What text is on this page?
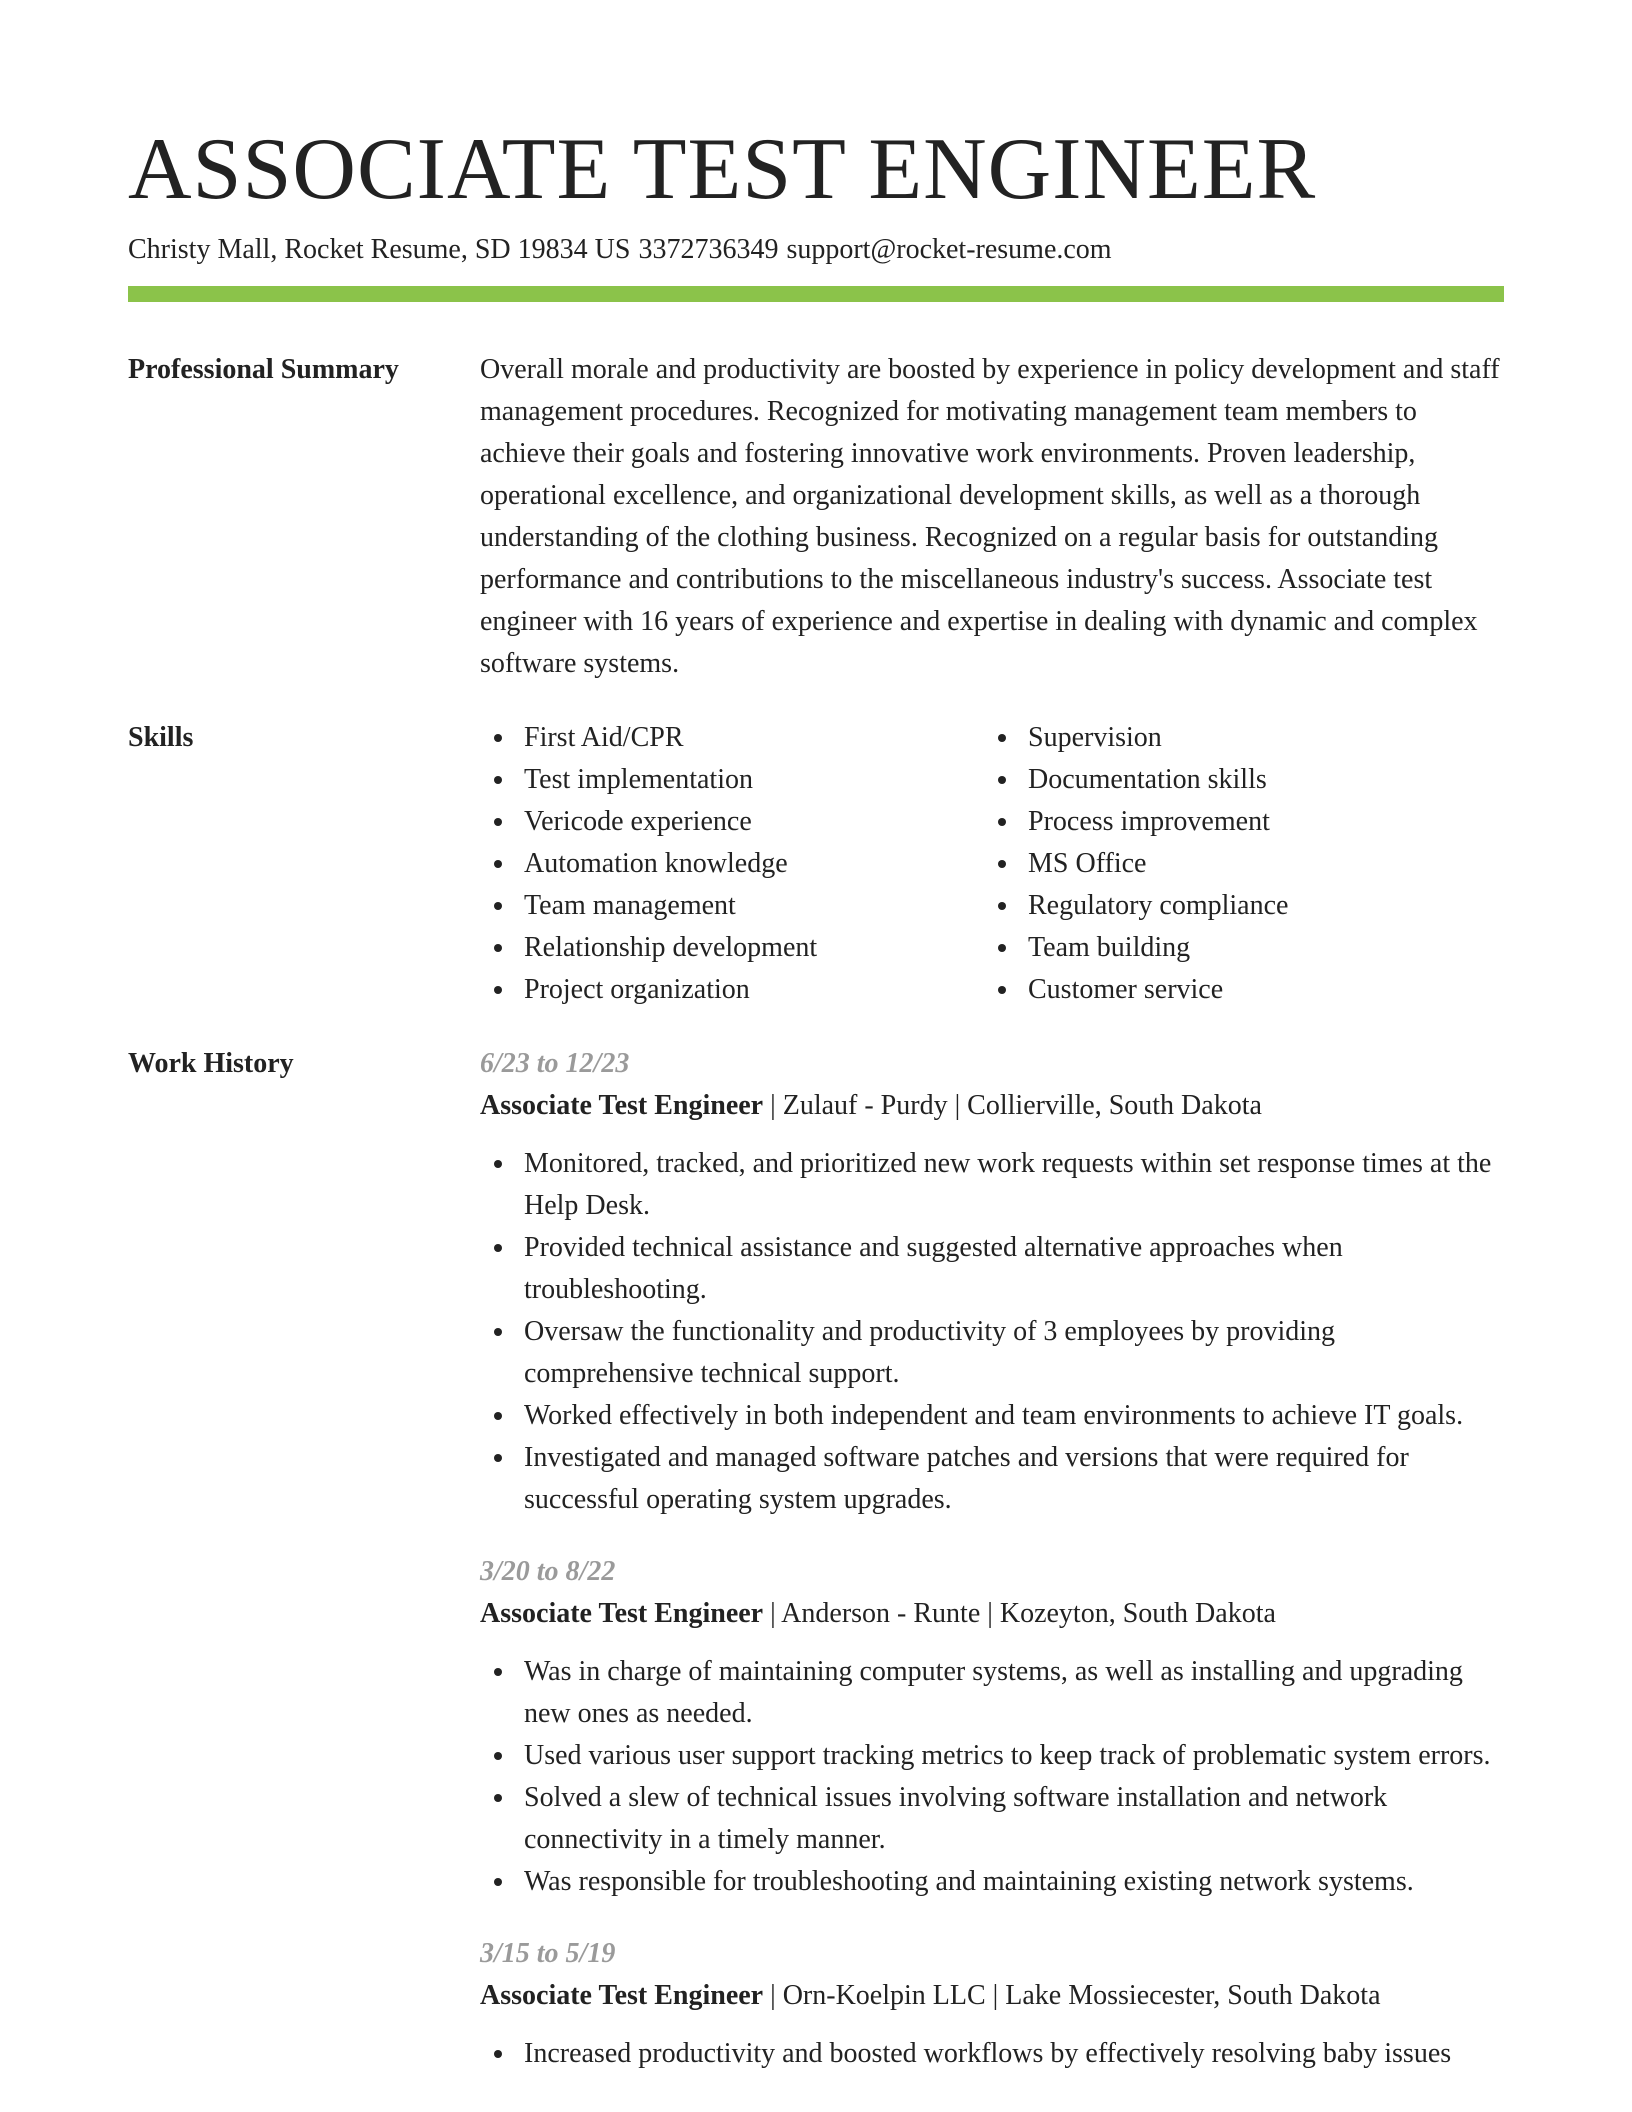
ASSOCIATE TEST ENGINEER
Christy Mall, Rocket Resume, SD 19834 US 3372736349 support@rocket-resume.com
Professional Summary	Overall morale and productivity are boosted by experience in policy development and staff management procedures. Recognized for motivating management team members to achieve their goals and fostering innovative work environments. Proven leadership, operational excellence, and organizational development skills, as well as a thorough understanding of the clothing business. Recognized on a regular basis for outstanding performance and contributions to the miscellaneous industry's success. Associate test engineer with 16 years of experience and expertise in dealing with dynamic and complex software systems.

Skills	First Aid/CPR
Test implementation
Vericode experience
Automation knowledge
Team management
Relationship development
Project organization
Supervision
Documentation skills
Process improvement
MS Office
Regulatory compliance
Team building
Customer service
Work History	6/23 to 12/23
Associate Test Engineer | Zulauf - Purdy | Collierville, South Dakota
Monitored, tracked, and prioritized new work requests within set response times at the Help Desk.
Provided technical assistance and suggested alternative approaches when troubleshooting.
Oversaw the functionality and productivity of 3 employees by providing comprehensive technical support.
Worked effectively in both independent and team environments to achieve IT goals.
Investigated and managed software patches and versions that were required for successful operating system upgrades.
3/20 to 8/22
Associate Test Engineer | Anderson - Runte | Kozeyton, South Dakota
Was in charge of maintaining computer systems, as well as installing and upgrading new ones as needed.
Used various user support tracking metrics to keep track of problematic system errors.
Solved a slew of technical issues involving software installation and network connectivity in a timely manner.
Was responsible for troubleshooting and maintaining existing network systems.
3/15 to 5/19
Associate Test Engineer | Orn-Koelpin LLC | Lake Mossiecester, South Dakota
Increased productivity and boosted workflows by effectively resolving baby issues
